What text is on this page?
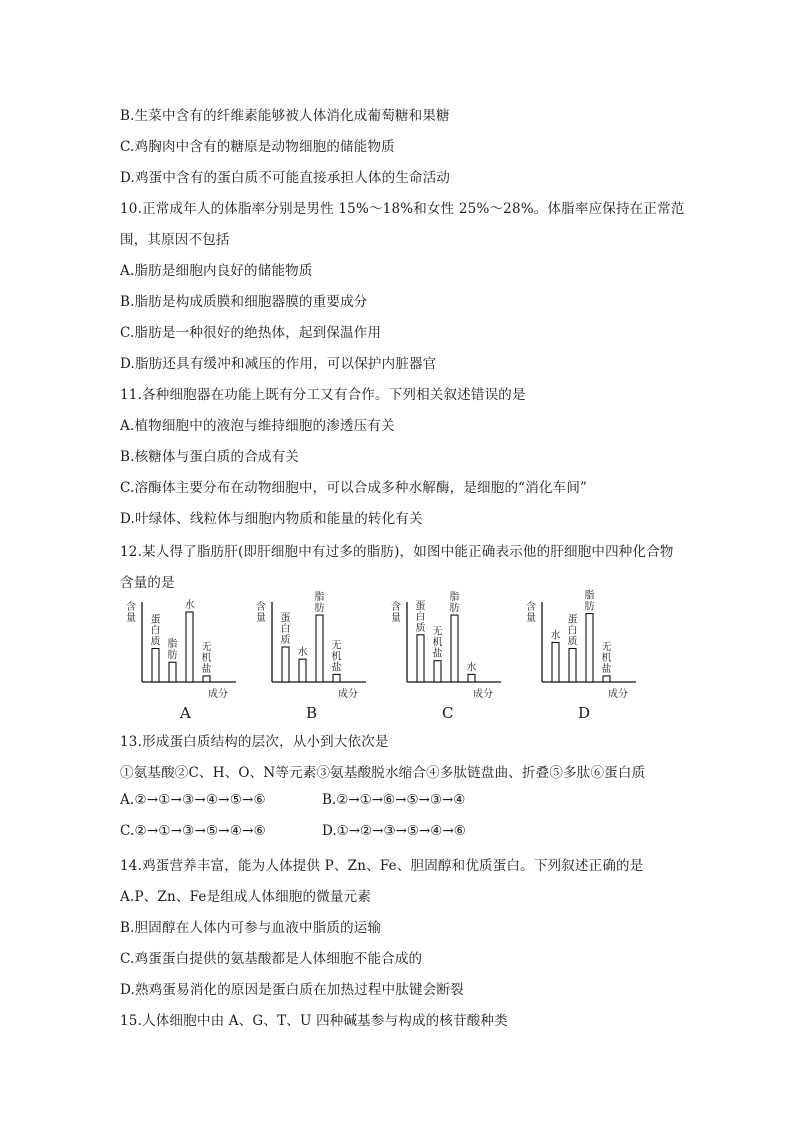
B.生菜中含有的纤维素能够被人体消化成葡萄糖和果糖
C.鸡胸肉中含有的糖原是动物细胞的储能物质
D.鸡蛋中含有的蛋白质不可能直接承担人体的生命活动
10.正常成年人的体脂率分别是男性 15%～18%和女性 25%～28%。体脂率应保持在正常范
围，其原因不包括
A.脂肪是细胞内良好的储能物质
B.脂肪是构成质膜和细胞器膜的重要成分
C.脂肪是一种很好的绝热体，起到保温作用
D.脂肪还具有缓冲和减压的作用，可以保护内脏器官
11.各种细胞器在功能上既有分工又有合作。下列相关叙述错误的是
A.植物细胞中的液泡与维持细胞的渗透压有关
B.核糖体与蛋白质的合成有关
C.溶酶体主要分布在动物细胞中，可以合成多种水解酶，是细胞的“消化车间”
D.叶绿体、线粒体与细胞内物质和能量的转化有关
12.某人得了脂肪肝(即肝细胞中有过多的脂肪)，如图中能正确表示他的肝细胞中四种化合物
含量的是
含量
成分
蛋白质 脂肪
水
无机盐
含量
成分
蛋白质
水
脂肪
无机盐
含量
成分
蛋白质 无机盐
脂肪
水
含量
成分
水
蛋白质
脂肪
无机盐
A	B	C	D
13.形成蛋白质结构的层次，从小到大依次是
①氨基酸②C、H、O、N等元素③氨基酸脱水缩合④多肽链盘曲、折叠⑤多肽⑥蛋白质
A.②→①→③→④→⑤→⑥	B.②→①→⑥→⑤→③→④
C.②→①→③→⑤→④→⑥	D.①→②→③→⑤→④→⑥
14.鸡蛋营养丰富，能为人体提供 P、Zn、Fe、胆固醇和优质蛋白。下列叙述正确的是
A.P、Zn、Fe是组成人体细胞的微量元素
B.胆固醇在人体内可参与血液中脂质的运输
C.鸡蛋蛋白提供的氨基酸都是人体细胞不能合成的
D.熟鸡蛋易消化的原因是蛋白质在加热过程中肽键会断裂
15.人体细胞中由 A、G、T、U 四种碱基参与构成的核苷酸种类
